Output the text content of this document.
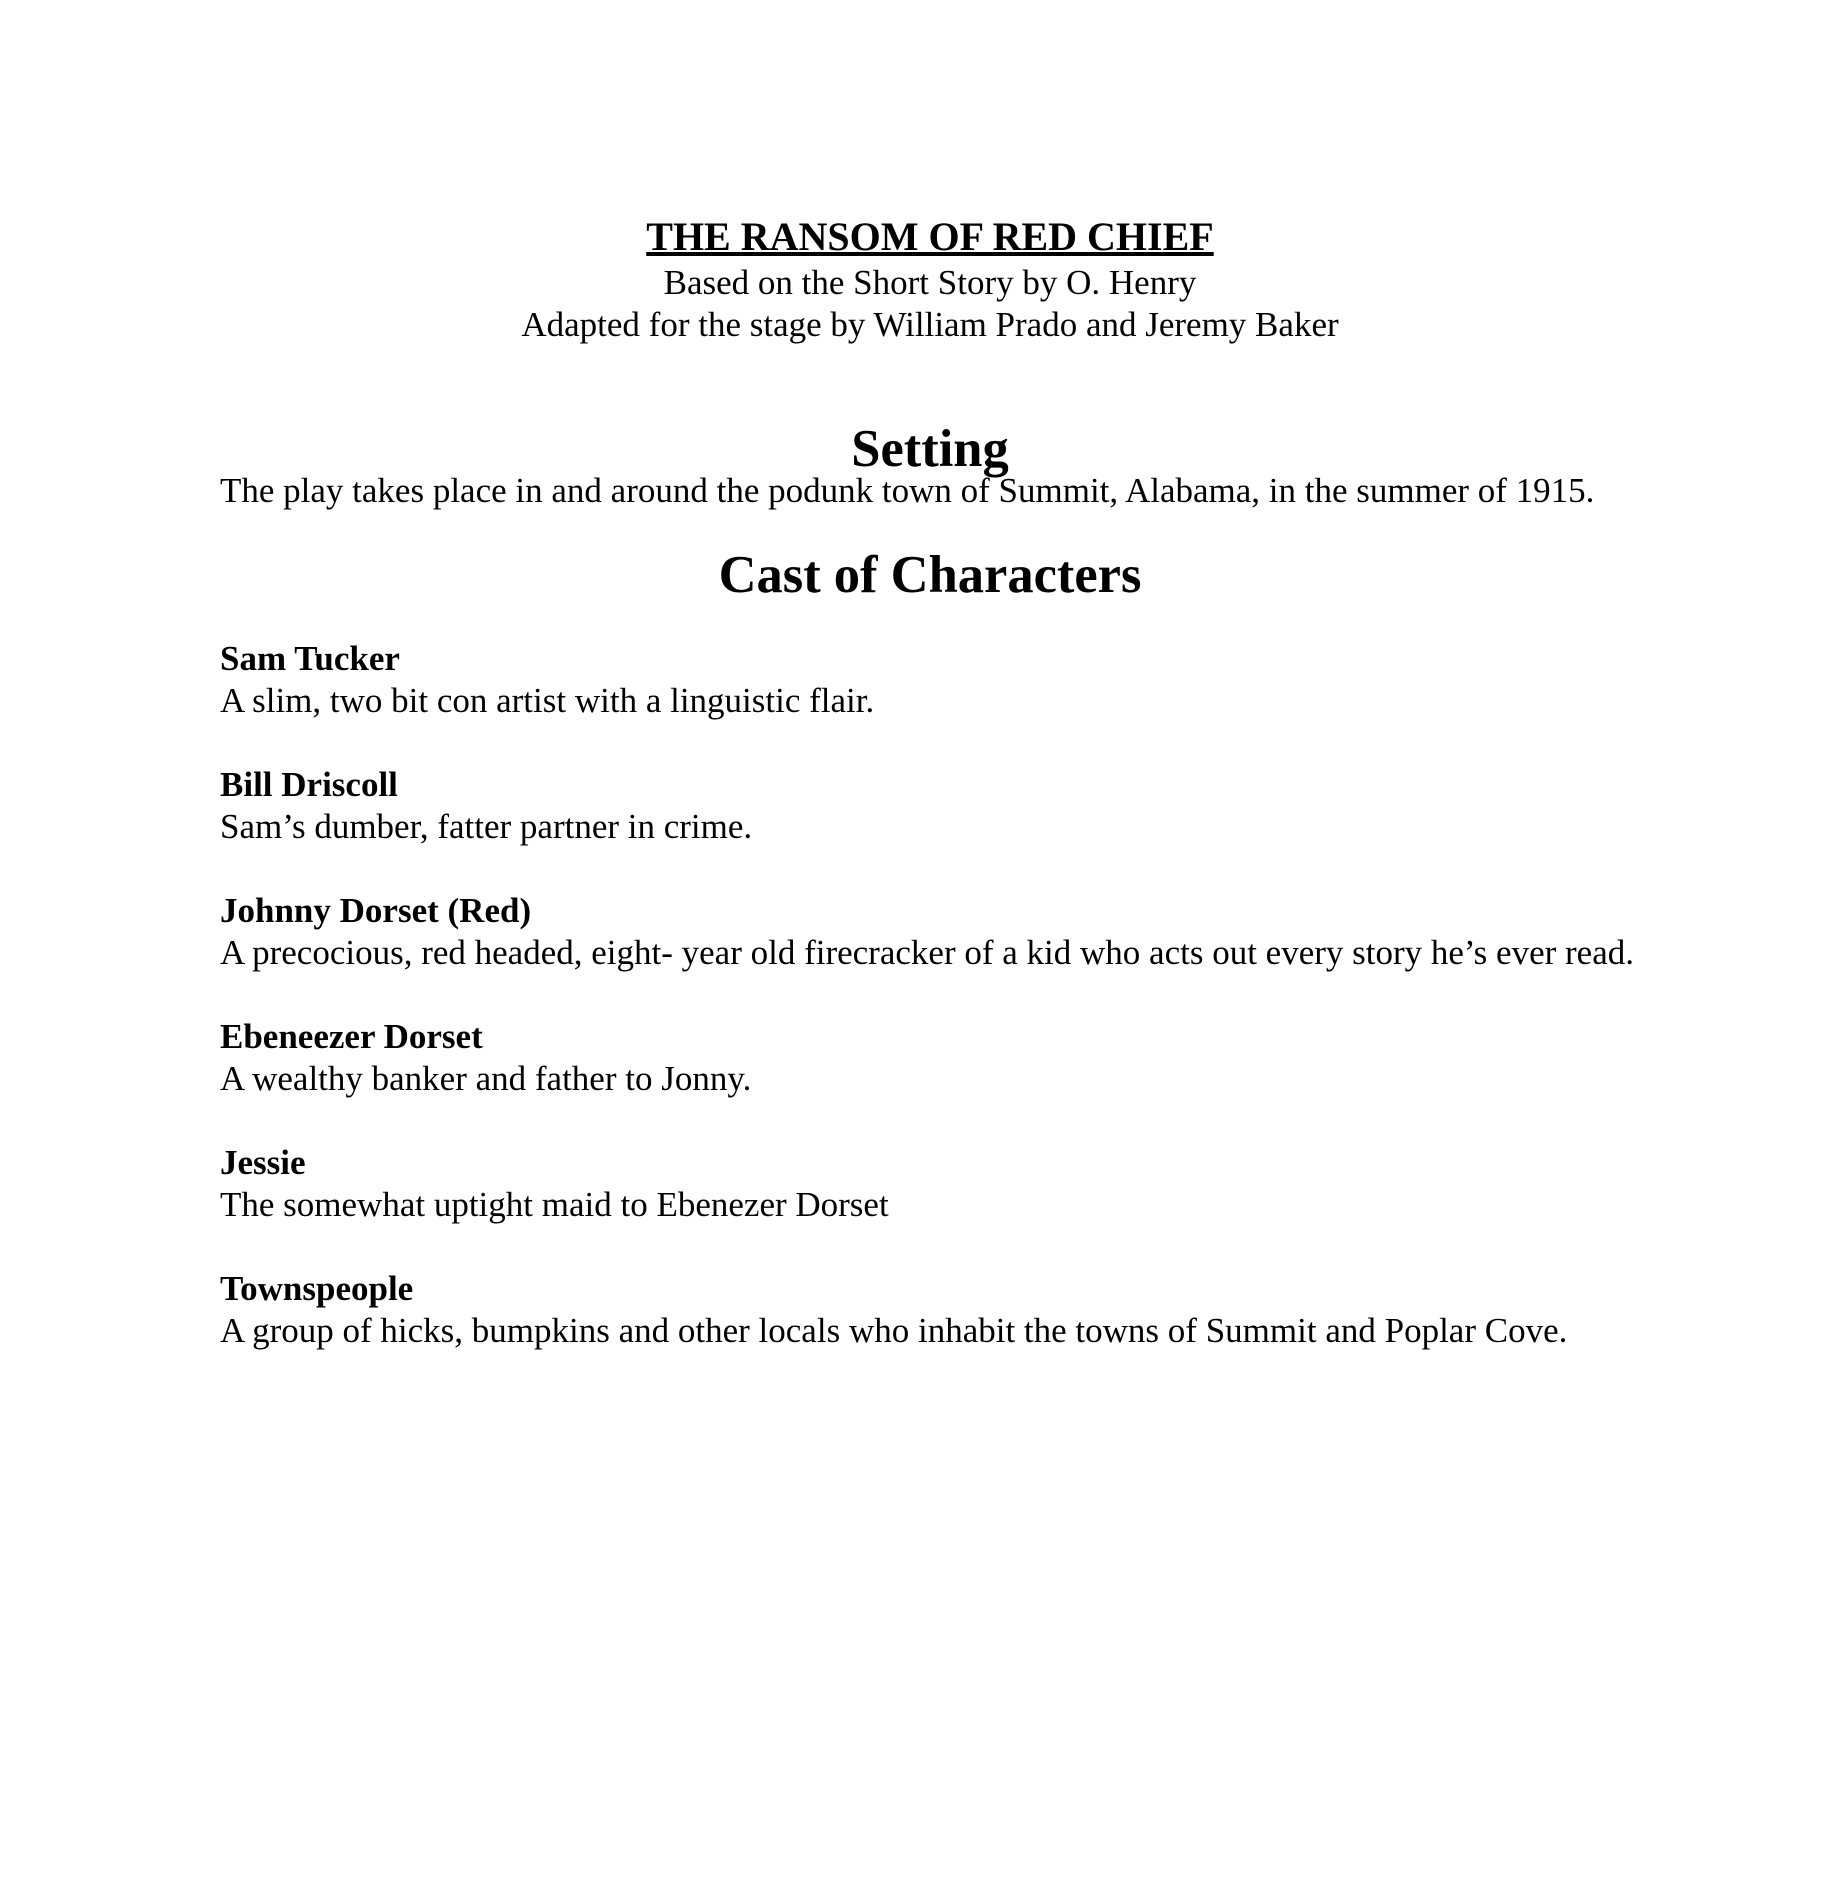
THE RANSOM OF RED CHIEF

Based on the Short Story by O. Henry

Adapted for the stage by William Prado and Jeremy Baker

Setting

The play takes place in and around the podunk town of Summit, Alabama, in the summer of 1915.

Cast of Characters

Sam Tucker

A slim, two bit con artist with a linguistic flair.

Bill Driscoll

Sam’s dumber, fatter partner in crime.

Johnny Dorset (Red)

A precocious, red headed, eight- year old firecracker of a kid who acts out every story he’s ever read.

Ebeneezer Dorset

A wealthy banker and father to Jonny.

Jessie

The somewhat uptight maid to Ebenezer Dorset

Townspeople

A group of hicks, bumpkins and other locals who inhabit the towns of Summit and Poplar Cove.
